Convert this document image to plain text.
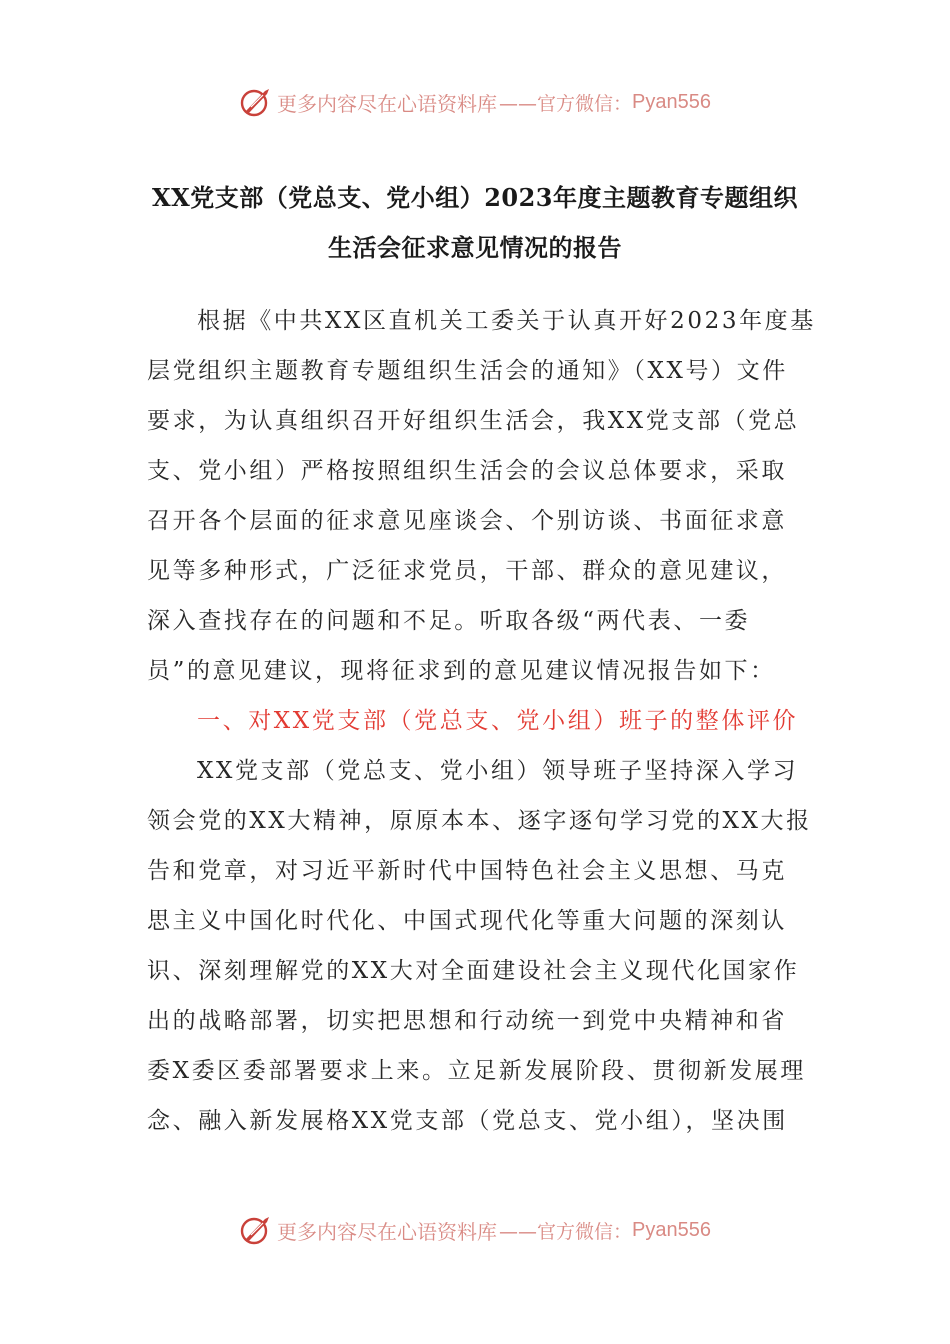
更多内容尽在心语资料库 ——官方微信： Pyan556
XX党支部（党总支、党小组）2023年度主题教育专题组织
生活会征求意见情况的报告
根据《中共XX区直机关工委关于认真开好2023年度基
层党组织主题教育专题组织生活会的通知》（XX号）文件
要求，为认真组织召开好组织生活会，我XX党支部（党总
支、党小组）严格按照组织生活会的会议总体要求，采取
召开各个层面的征求意见座谈会、个别访谈、书面征求意
见等多种形式，广泛征求党员，干部、群众的意见建议，
深入查找存在的问题和不足。听取各级“两代表、一委
员”的意见建议，现将征求到的意见建议情况报告如下：
一、对XX党支部（党总支、党小组）班子的整体评价
XX党支部（党总支、党小组）领导班子坚持深入学习
领会党的XX大精神，原原本本、逐字逐句学习党的XX大报
告和党章，对习近平新时代中国特色社会主义思想、马克
思主义中国化时代化、中国式现代化等重大问题的深刻认
识、深刻理解党的XX大对全面建设社会主义现代化国家作
出的战略部署，切实把思想和行动统一到党中央精神和省
委X委区委部署要求上来。立足新发展阶段、贯彻新发展理
念、融入新发展格XX党支部（党总支、党小组），坚决围
更多内容尽在心语资料库 ——官方微信： Pyan556
